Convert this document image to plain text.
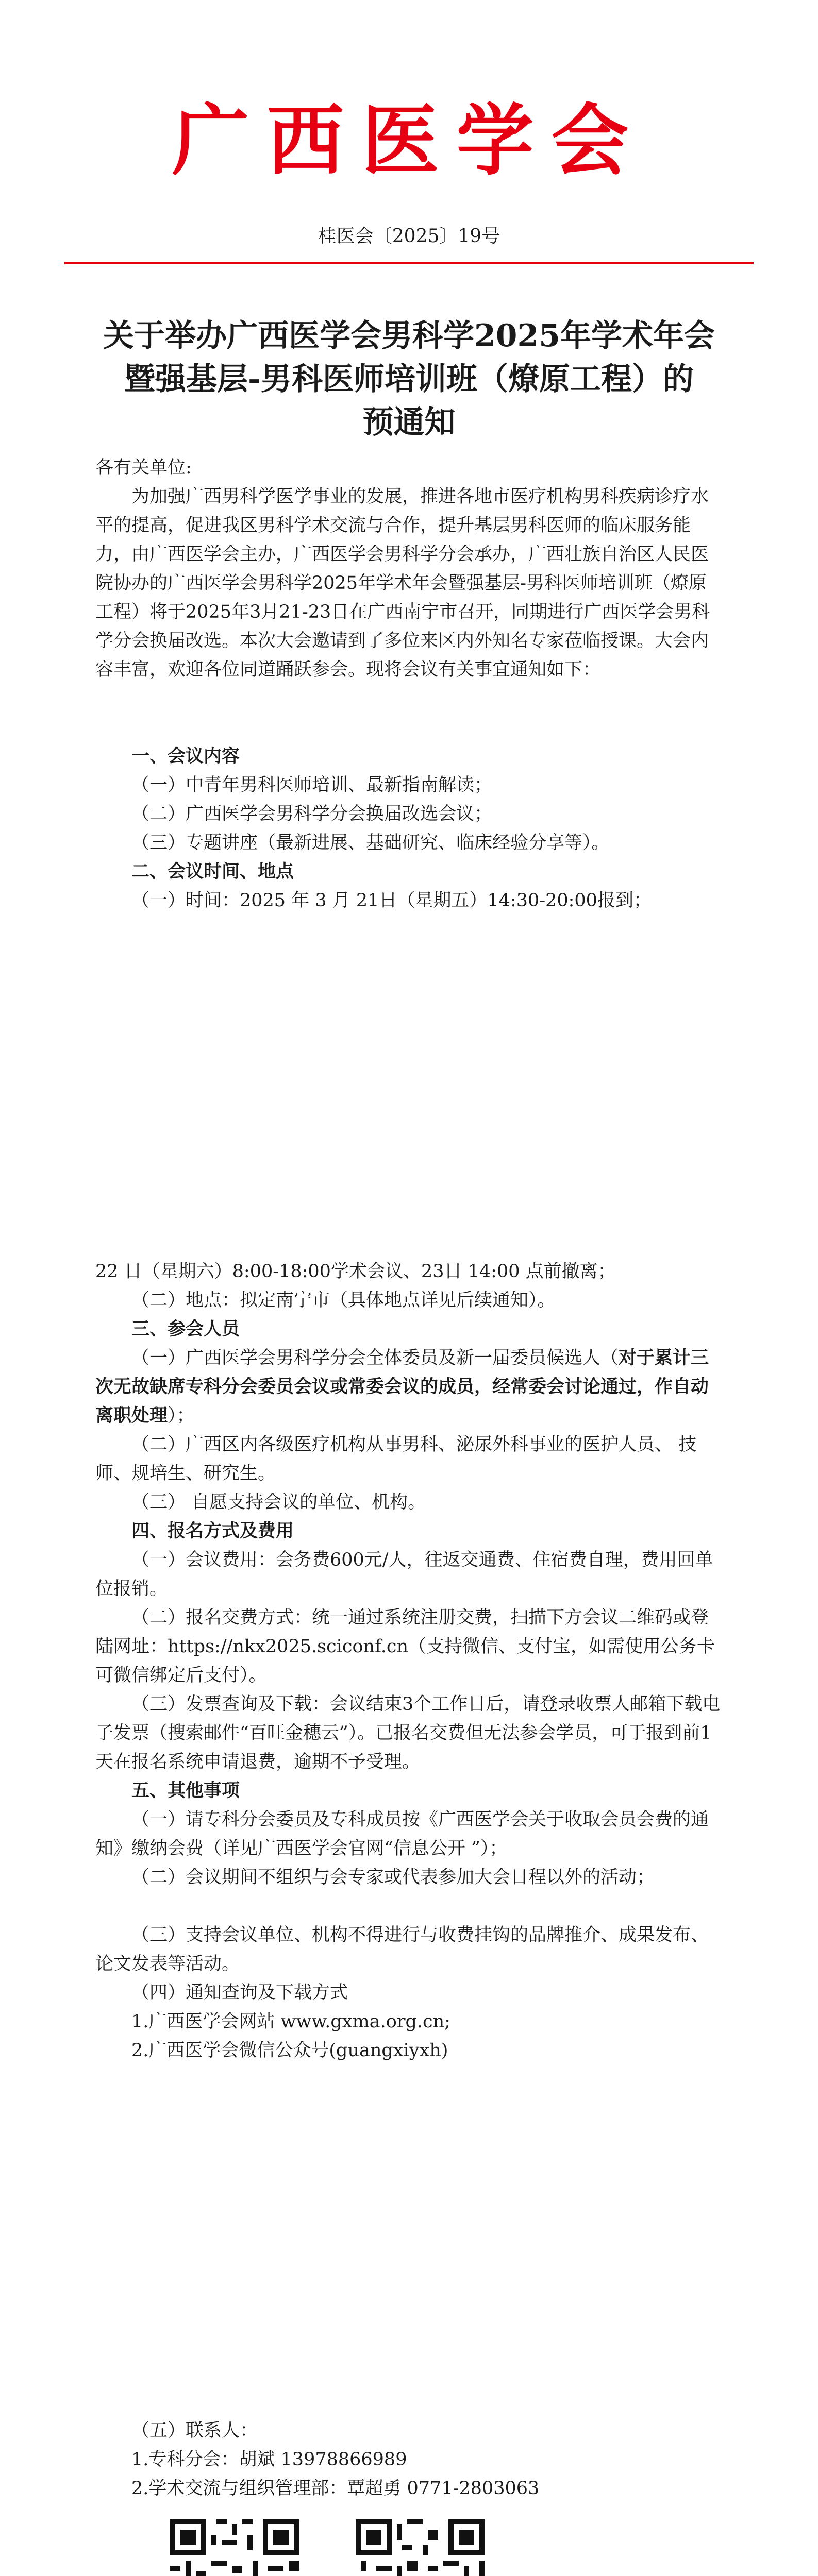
广西医学会
桂医会〔2025〕19号
关于举办广西医学会男科学2025年学术年会
暨强基层-男科医师培训班（燎原工程）的
预通知

各有关单位:

为加强广西男科学医学事业的发展，推进各地市医疗机构男科疾病诊疗水平的提高，促进我区男科学术交流与合作，提升基层男科医师的临床服务能力，由广西医学会主办，广西医学会男科学分会承办，广西壮族自治区人民医院协办的广西医学会男科学2025年学术年会暨强基层-男科医师培训班（燎原工程）将于2025年3月21-23日在广西南宁市召开，同期进行广西医学会男科学分会换届改选。本次大会邀请到了多位来区内外知名专家莅临授课。大会内容丰富，欢迎各位同道踊跃参会。现将会议有关事宜通知如下：

一、会议内容

（一）中青年男科医师培训、最新指南解读；

（二）广西医学会男科学分会换届改选会议；

（三）专题讲座（最新进展、基础研究、临床经验分享等）。

二、会议时间、地点

（一）时间：2025 年 3 月 21日（星期五）14:30-20:00报到；

22 日（星期六）8:00-18:00学术会议、23日 14:00 点前撤离；

（二）地点：拟定南宁市（具体地点详见后续通知）。

三、参会人员

（一）广西医学会男科学分会全体委员及新一届委员候选人（对于累计三次无故缺席专科分会委员会议或常委会议的成员，经常委会讨论通过，作自动离职处理）；

（二）广西区内各级医疗机构从事男科、泌尿外科事业的医护人员、 技师、规培生、研究生。

（三） 自愿支持会议的单位、机构。

四、报名方式及费用

（一）会议费用：会务费600元/人，往返交通费、住宿费自理，费用回单位报销。

（二）报名交费方式：统一通过系统注册交费，扫描下方会议二维码或登陆网址：https://nkx2025.sciconf.cn（支持微信、支付宝，如需使用公务卡可微信绑定后支付）。

（三）发票查询及下载：会议结束3个工作日后，请登录收票人邮箱下载电子发票（搜索邮件“百旺金穗云”）。已报名交费但无法参会学员，可于报到前1天在报名系统申请退费，逾期不予受理。

五、其他事项

（一）请专科分会委员及专科成员按《广西医学会关于收取会员会费的通知》缴纳会费（详见广西医学会官网“信息公开 ”）；

（二）会议期间不组织与会专家或代表参加大会日程以外的活动；

（三）支持会议单位、机构不得进行与收费挂钩的品牌推介、成果发布、论文发表等活动。

（四）通知查询及下载方式

1.广西医学会网站 www.gxma.org.cn;

2.广西医学会微信公众号(guangxiyxh)

（五）联系人：

1.专科分会：胡斌 13978866989

2.学术交流与组织管理部：覃超勇 0771-2803063
